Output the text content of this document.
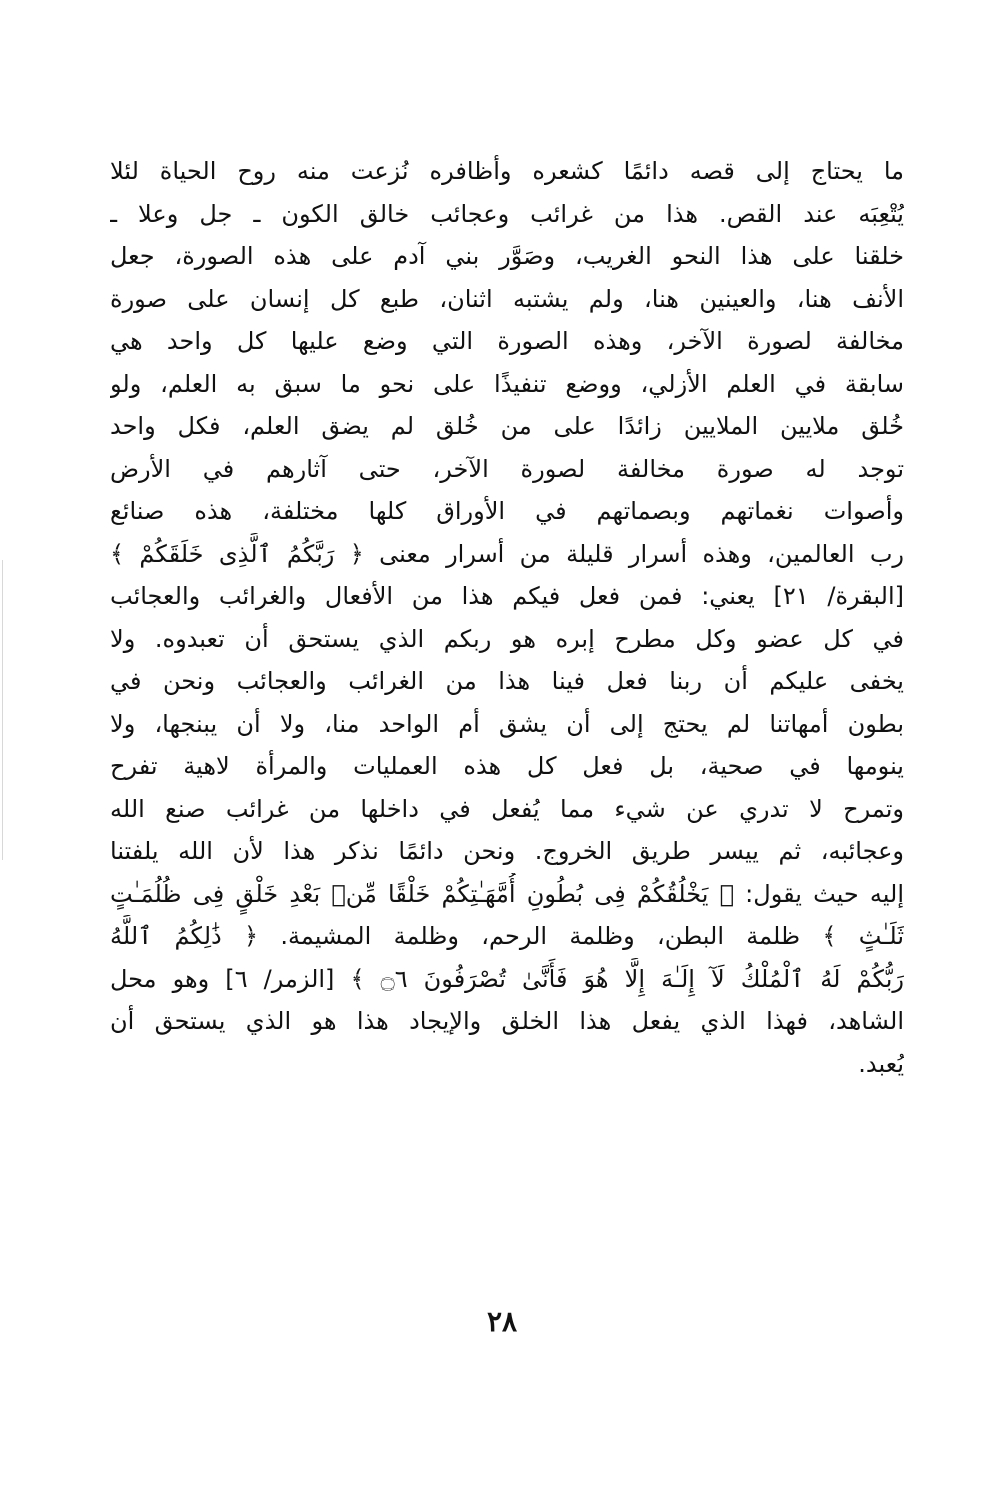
ما يحتاج إلى قصه دائمًا كشعره وأظافره نُزعت منه روح الحياة لئلا
يُتْعِبَه عند القص. هذا من غرائب وعجائب خالق الكون ـ جل وعلا ـ
خلقنا على هذا النحو الغريب، وصَوَّر بني آدم على هذه الصورة، جعل
الأنف هنا، والعينين هنا، ولم يشتبه اثنان، طبع كل إنسان على صورة
مخالفة لصورة الآخر، وهذه الصورة التي وضع عليها كل واحد هي
سابقة في العلم الأزلي، ووضع تنفيذًا على نحو ما سبق به العلم، ولو
خُلق ملايين الملايين زائدًا على من خُلق لم يضق العلم، فكل واحد
توجد له صورة مخالفة لصورة الآخر، حتى آثارهم في الأرض
وأصوات نغماتهم وبصماتهم في الأوراق كلها مختلفة، هذه صنائع
رب العالمين، وهذه أسرار قليلة من أسرار معنى ﴿ رَبَّكُمُ ٱلَّذِى خَلَقَكُمْ ﴾
[البقرة/ ٢١] يعني: فمن فعل فيكم هذا من الأفعال والغرائب والعجائب
في كل عضو وكل مطرح إبره هو ربكم الذي يستحق أن تعبدوه. ولا
يخفى عليكم أن ربنا فعل فينا هذا من الغرائب والعجائب ونحن في
بطون أمهاتنا لم يحتج إلى أن يشق أم الواحد منا، ولا أن يبنجها، ولا
ينومها في صحية، بل فعل كل هذه العمليات والمرأة لاهية تفرح
وتمرح لا تدري عن شيء مما يُفعل في داخلها من غرائب صنع الله
وعجائبه، ثم ييسر طريق الخروج. ونحن دائمًا نذكر هذا لأن الله يلفتنا
إليه حيث يقول: ﴿ يَخْلُقُكُمْ فِى بُطُونِ أُمَّهَـٰتِكُمْ خَلْقًا مِّنۢ بَعْدِ خَلْقٍ فِى ظُلُمَـٰتٍ
ثَلَـٰثٍ ﴾ ظلمة البطن، وظلمة الرحم، وظلمة المشيمة. ﴿ ذَٰلِكُمُ ٱللَّهُ
رَبُّكُمْ لَهُ ٱلْمُلْكُ لَآ إِلَـٰهَ إِلَّا هُوَ فَأَنَّىٰ تُصْرَفُونَ ۝٦ ﴾ [الزمر/ ٦] وهو محل
الشاهد، فهذا الذي يفعل هذا الخلق والإيجاد هذا هو الذي يستحق أن
يُعبد.
٢٨
